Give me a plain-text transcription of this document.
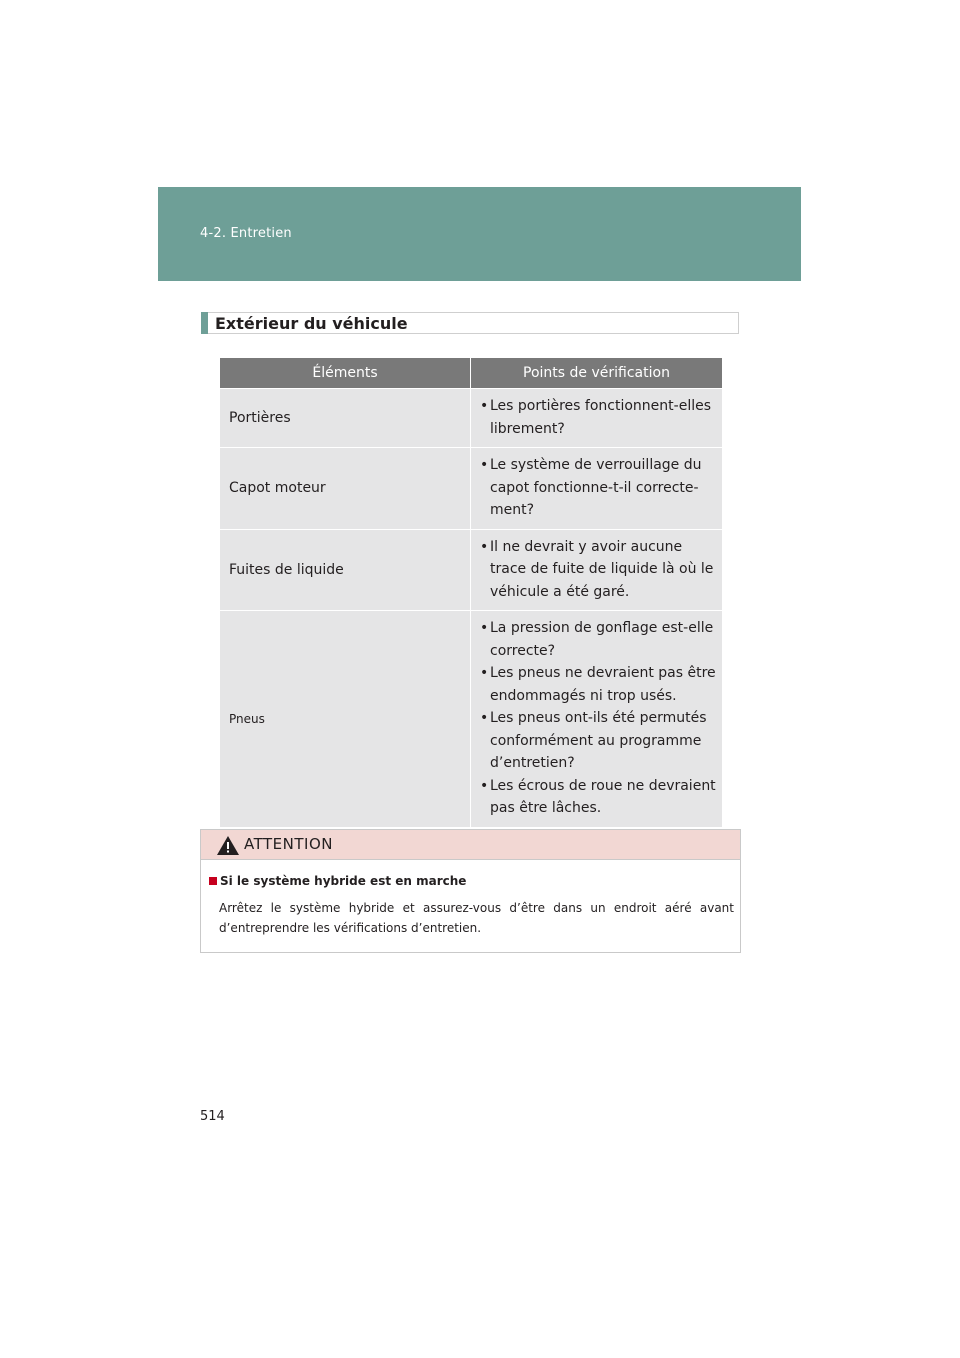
4-2. Entretien
Extérieur du véhicule
Éléments	Points de vérification
Portières	• Les portières fonctionnent-elles librement?

Capot moteur	• Le système de verrouillage du capot fonctionne-t-il correcte-ment?

Fuites de liquide	• Il ne devrait y avoir aucune trace de fuite de liquide là où le véhicule a été garé.

Pneus	• La pression de gonflage est-elle correcte?

• Les pneus ne devraient pas être endommagés ni trop usés.

• Les pneus ont-ils été permutés conformément au programme d’entretien?

• Les écrous de roue ne devraient pas être lâches.

ATTENTION
Si le système hybride est en marche
Arrêtez le système hybride et assurez-vous d’être dans un endroit aéré avant d’entreprendre les vérifications d’entretien.
514
